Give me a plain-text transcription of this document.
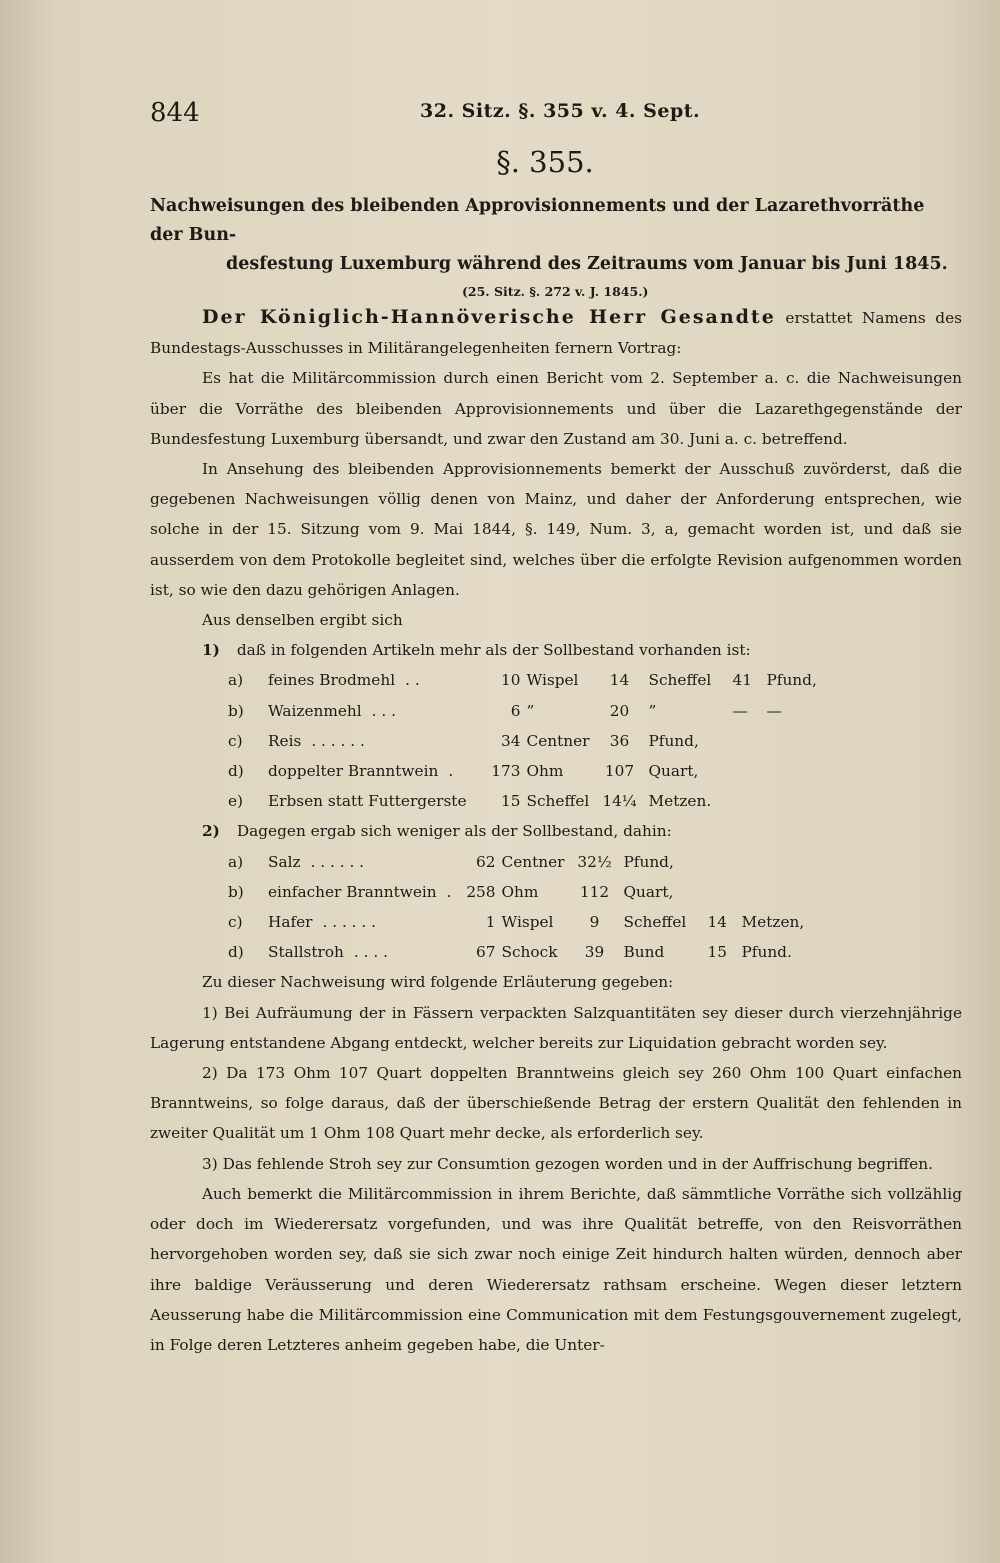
844	32. Sitz. §. 355 v. 4. Sept.
§. 355.
Nachweisungen des bleibenden Approvisionnements und der Lazarethvorräthe der Bun-
desfestung Luxemburg während des Zeitraums vom Januar bis Juni 1845.
(25. Sitz. §. 272 v. J. 1845.)

Der Königlich-Hannöverische Herr Gesandte erstattet Namens des Bundestags-Ausschusses in Militärangelegenheiten fernern Vortrag:

Es hat die Militärcommission durch einen Bericht vom 2. September a. c. die Nachweisungen über die Vorräthe des bleibenden Approvisionnements und über die Lazarethgegenstände der Bundesfestung Luxemburg übersandt, und zwar den Zustand am 30. Juni a. c. betreffend.

In Ansehung des bleibenden Approvisionnements bemerkt der Ausschuß zuvörderst, daß die gegebenen Nachweisungen völlig denen von Mainz, und daher der Anforderung entsprechen, wie solche in der 15. Sitzung vom 9. Mai 1844, §. 149, Num. 3, a, gemacht worden ist, und daß sie ausserdem von dem Protokolle begleitet sind, welches über die erfolgte Revision aufgenommen worden ist, so wie den dazu gehörigen Anlagen.

Aus denselben ergibt sich

1) daß in folgenden Artikeln mehr als der Sollbestand vorhanden ist:

a)	feines Brodmehl . .	10	Wispel	14	Scheffel	41	Pfund,
b)	Waizenmehl . . .	6	”	20	”	—	—
c)	Reis . . . . . .	34	Centner	36	Pfund,		
d)	doppelter Branntwein .	173	Ohm	107	Quart,		
e)	Erbsen statt Futtergerste	15	Scheffel	14¼	Metzen.		

2) Dagegen ergab sich weniger als der Sollbestand, dahin:

a)	Salz . . . . . .	62	Centner	32½	Pfund,		
b)	einfacher Branntwein .	258	Ohm	112	Quart,		
c)	Hafer . . . . . .	1	Wispel	9	Scheffel	14	Metzen,
d)	Stallstroh . . . .	67	Schock	39	Bund	15	Pfund.

Zu dieser Nachweisung wird folgende Erläuterung gegeben:

1) Bei Aufräumung der in Fässern verpackten Salzquantitäten sey dieser durch vierzehnjährige Lagerung entstandene Abgang entdeckt, welcher bereits zur Liquidation gebracht worden sey.

2) Da 173 Ohm 107 Quart doppelten Branntweins gleich sey 260 Ohm 100 Quart einfachen Branntweins, so folge daraus, daß der überschießende Betrag der erstern Qualität den fehlenden in zweiter Qualität um 1 Ohm 108 Quart mehr decke, als erforderlich sey.

3) Das fehlende Stroh sey zur Consumtion gezogen worden und in der Auffrischung begriffen.

Auch bemerkt die Militärcommission in ihrem Berichte, daß sämmtliche Vorräthe sich vollzählig oder doch im Wiederersatz vorgefunden, und was ihre Qualität betreffe, von den Reisvorräthen hervorgehoben worden sey, daß sie sich zwar noch einige Zeit hindurch halten würden, dennoch aber ihre baldige Veräusserung und deren Wiederersatz rathsam erscheine. Wegen dieser letztern Aeusserung habe die Militärcommission eine Communication mit dem Festungsgouvernement zugelegt, in Folge deren Letzteres anheim gegeben habe, die Unter-
